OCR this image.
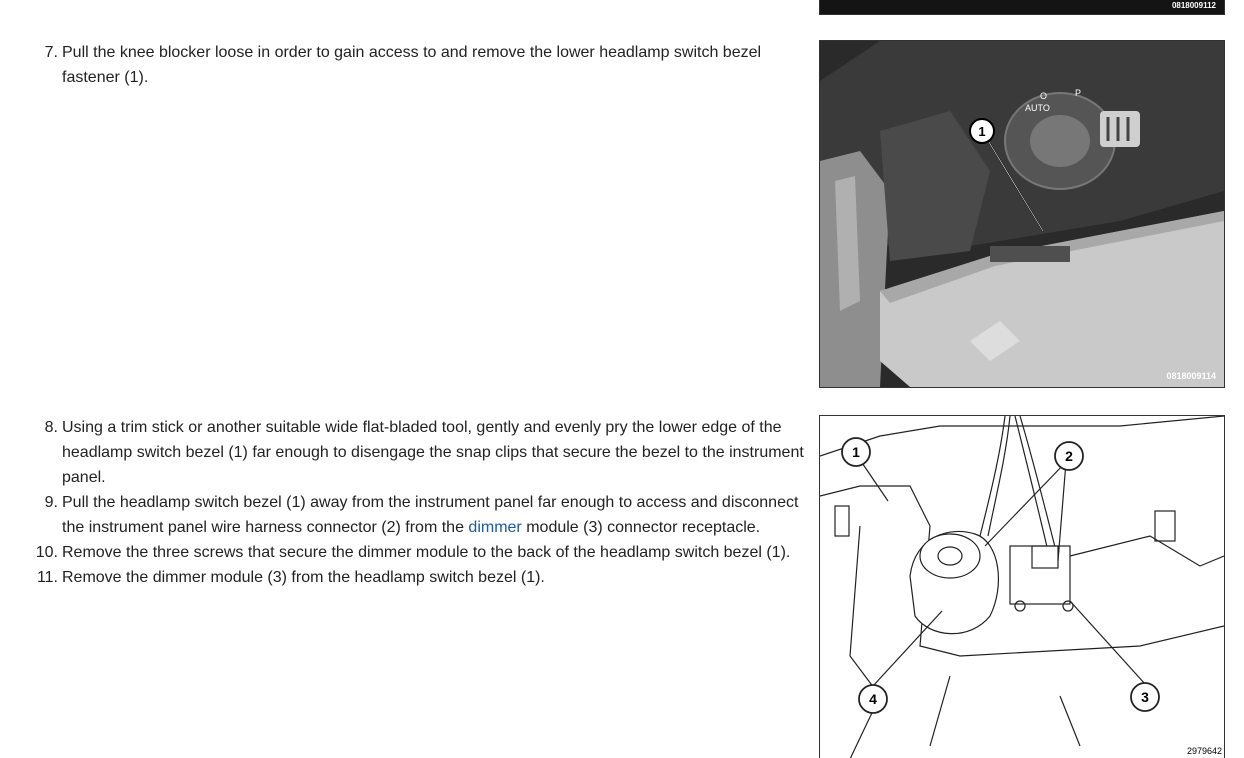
7. Pull the knee blocker loose in order to gain access to and remove the lower headlamp switch bezel fastener (1).
8. Using a trim stick or another suitable wide flat-bladed tool, gently and evenly pry the lower edge of the headlamp switch bezel (1) far enough to disengage the snap clips that secure the bezel to the instrument panel.
9. Pull the headlamp switch bezel (1) away from the instrument panel far enough to access and disconnect the instrument panel wire harness connector (2) from the dimmer module (3) connector receptacle.
10. Remove the three screws that secure the dimmer module to the back of the headlamp switch bezel (1).
11. Remove the dimmer module (3) from the headlamp switch bezel (1).
0818009112
AUTO
O	P
1
0818009114
1	2
3
4
2979642
